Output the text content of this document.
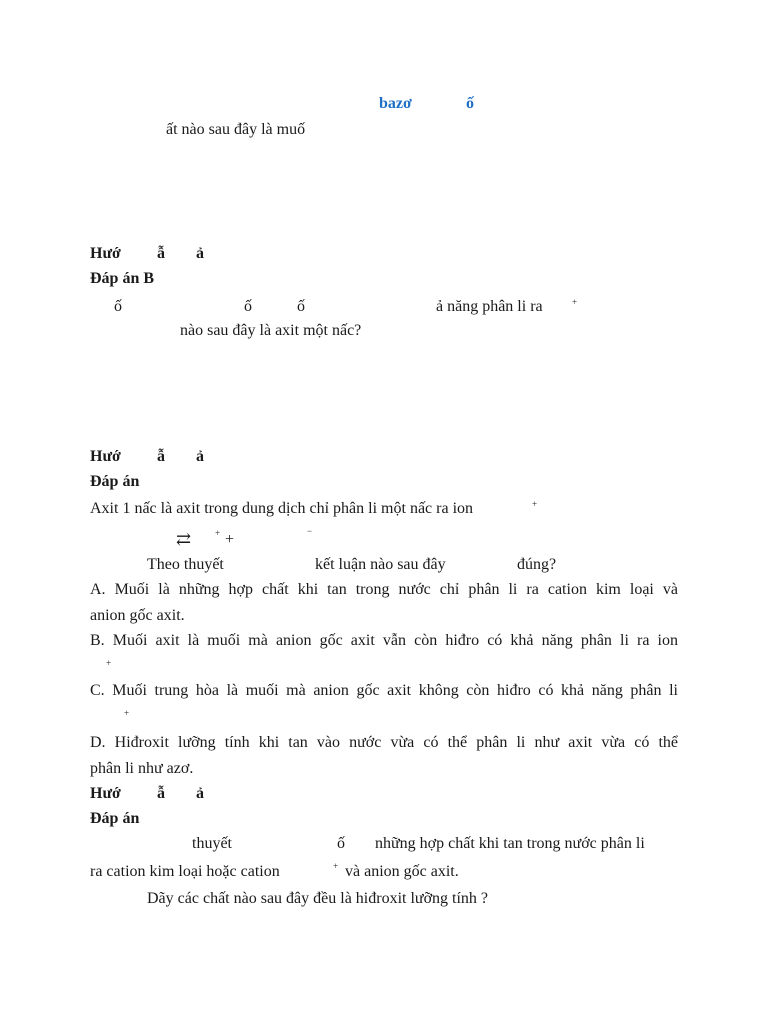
bazơ	ố
ất nào sau đây là muố
Hướ ẫ ả
Đáp án B
ố	ố	ố	ả năng phân li ra	+
nào sau đây là axit một nấc?
Hướ ẫ ả
Đáp án
Axit 1 nấc là axit trong dung dịch chỉ phân li một nấc ra ion	+
⇄	+ +	−
Theo thuyết	kết luận nào sau đây	đúng?
A. Muối là những hợp chất khi tan trong nước chỉ phân li ra cation kim loại và
anion gốc axit.
B. Muối axit là muối mà anion gốc axit vẫn còn hiđro có khả năng phân li ra ion
+
C. Muối trung hòa là muối mà anion gốc axit không còn hiđro có khả năng phân li
+
D. Hiđroxit lưỡng tính khi tan vào nước vừa có thể phân li như axit vừa có thể
phân li như azơ.
Hướ ẫ ả
Đáp án
thuyết	ố những hợp chất khi tan trong nước phân li
ra cation kim loại hoặc cation	+ và anion gốc axit.
Dãy các chất nào sau đây đều là hiđroxit lưỡng tính ?
